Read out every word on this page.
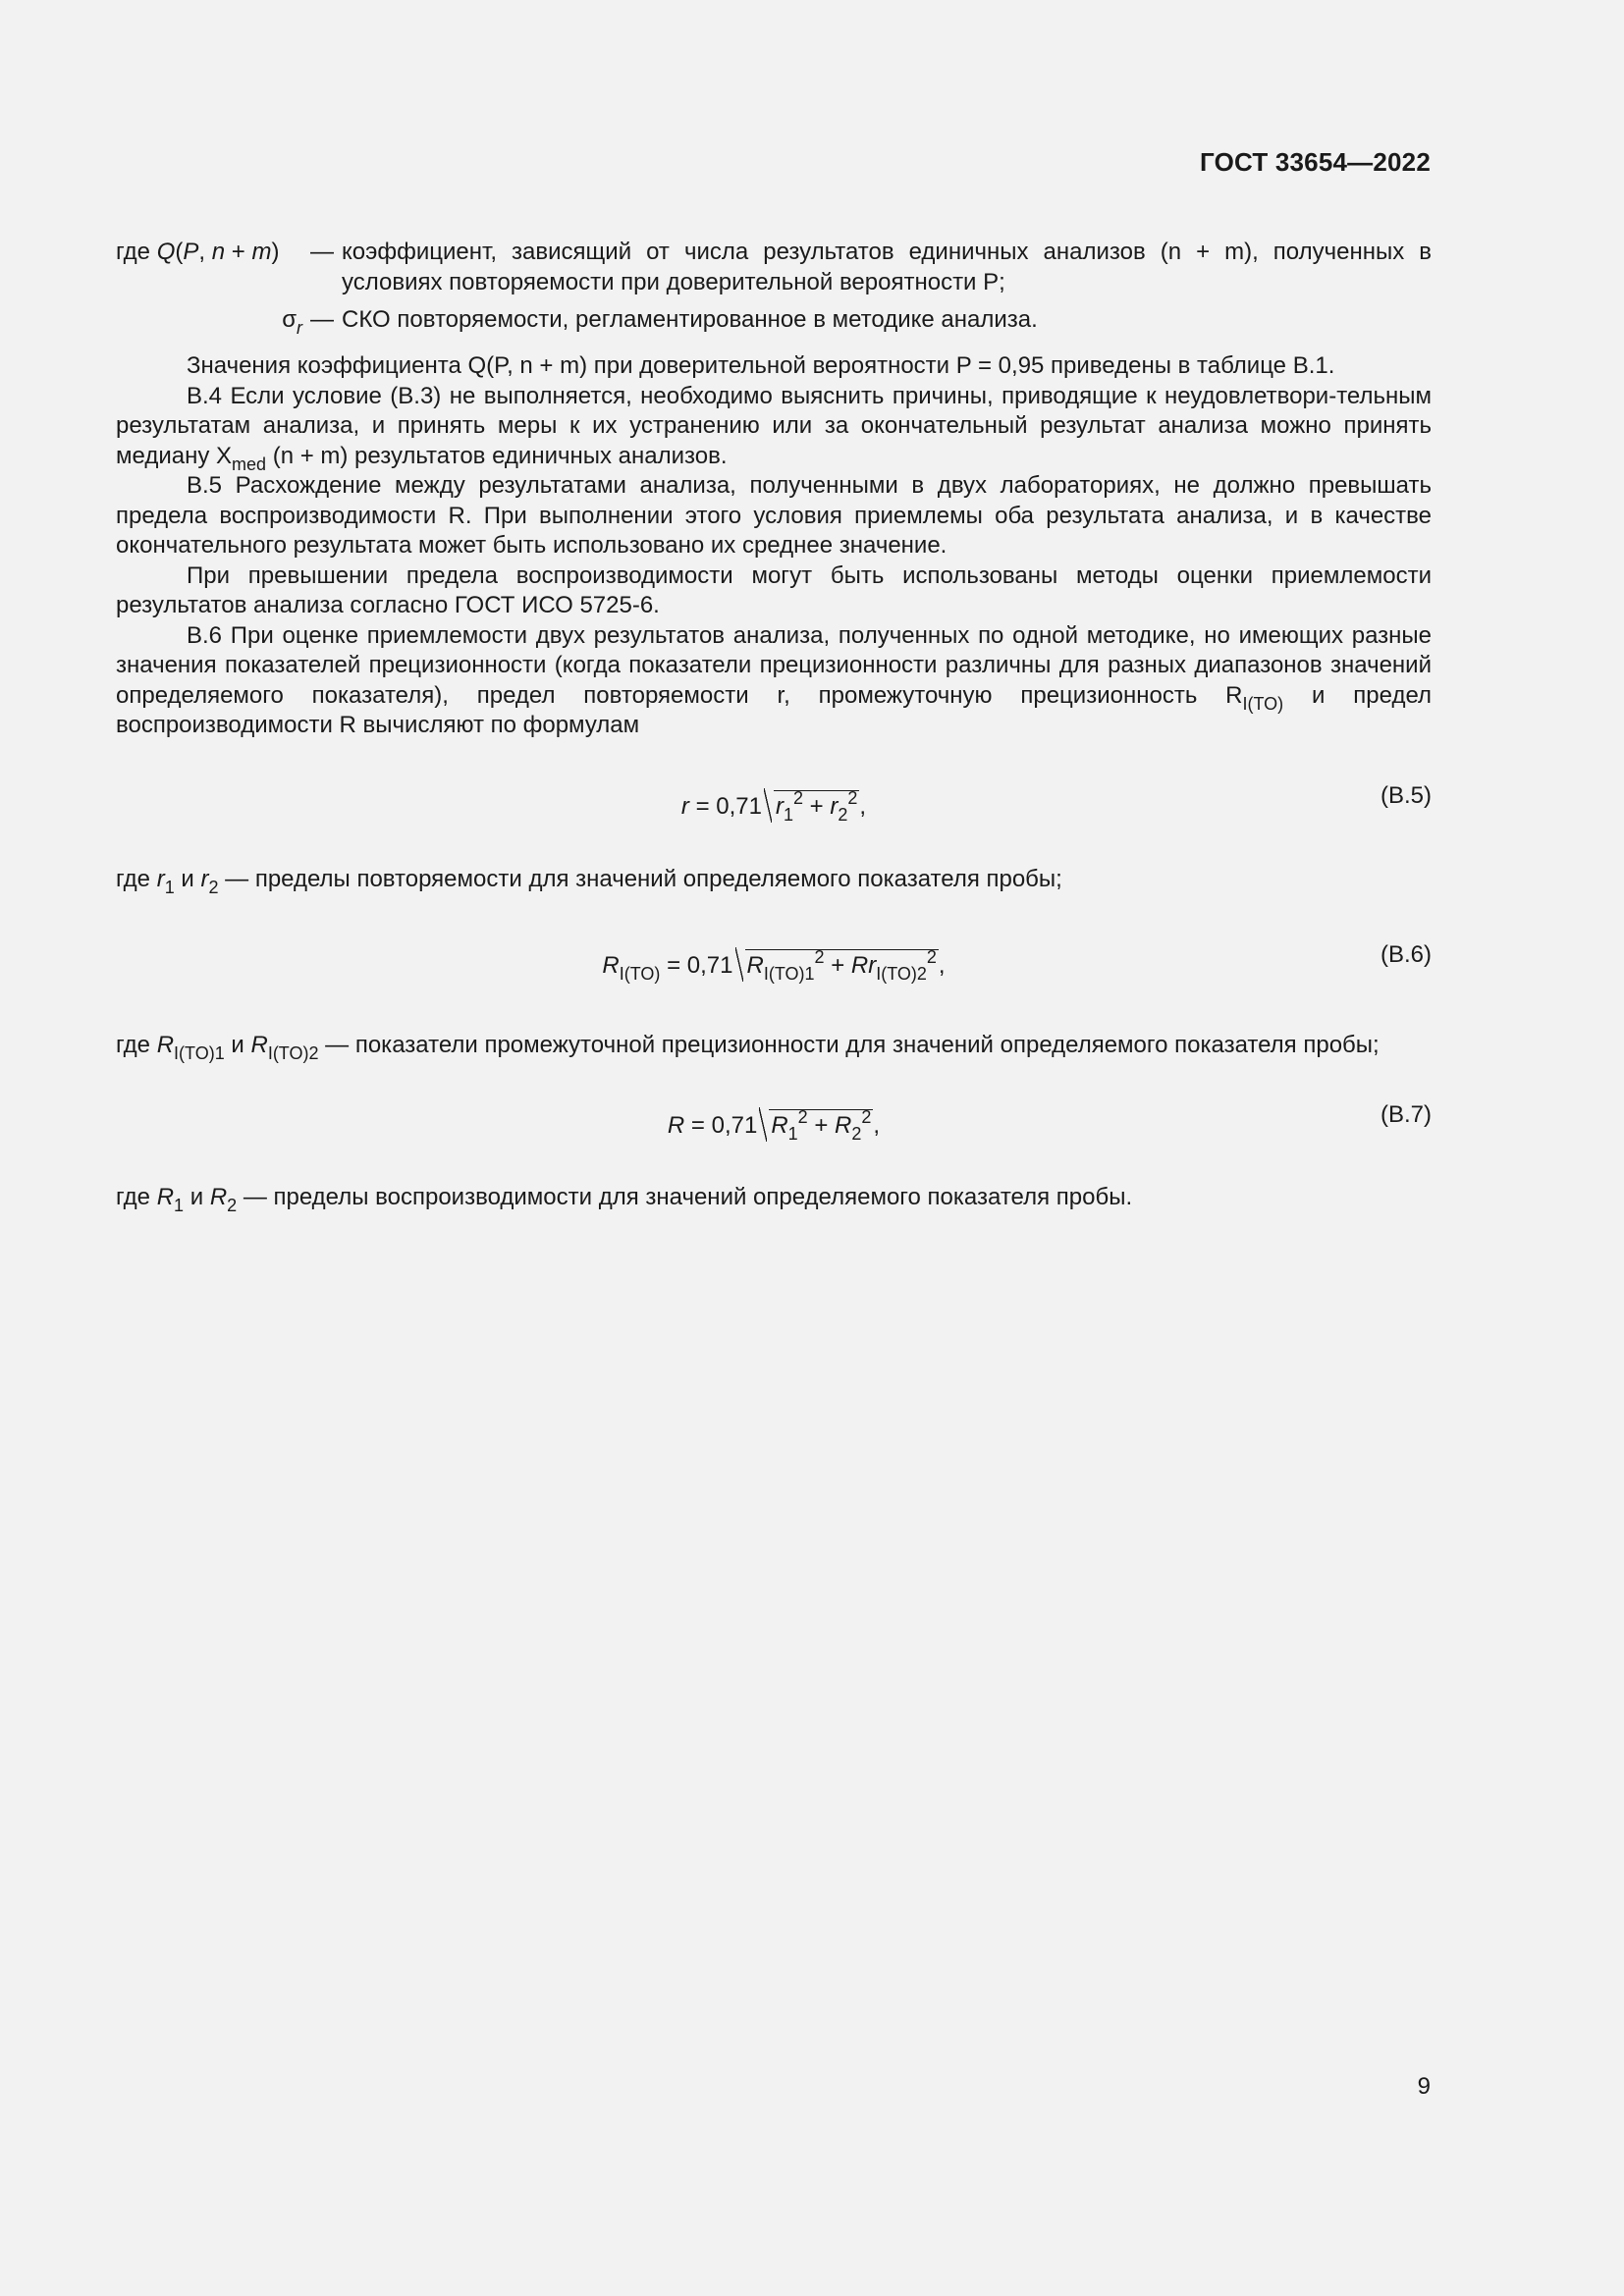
ГОСТ 33654—2022
где Q(P, n + m)	— коэффициент, зависящий от числа результатов единичных анализов (n + m), полученных в условиях повторяемости при доверительной вероятности P;
$\sigma_r$ — СКО повторяемости, регламентированное в методике анализа.

Значения коэффициента Q(P, n + m) при доверительной вероятности P = 0,95 приведены в таблице В.1.

В.4 Если условие (В.3) не выполняется, необходимо выяснить причины, приводящие к неудовлетвори-тельным результатам анализа, и принять меры к их устранению или за окончательный результат анализа можно принять медиану $X_{med}$ (n + m) результатов единичных анализов.

В.5 Расхождение между результатами анализа, полученными в двух лабораториях, не должно превышать предела воспроизводимости R. При выполнении этого условия приемлемы оба результата анализа, и в качестве окончательного результата может быть использовано их среднее значение.

При превышении предела воспроизводимости могут быть использованы методы оценки приемлемости результатов анализа согласно ГОСТ ИСО 5725-6.

В.6 При оценке приемлемости двух результатов анализа, полученных по одной методике, но имеющих разные значения показателей прецизионности (когда показатели прецизионности различны для разных диапазонов значений определяемого показателя), предел повторяемости r, промежуточную прецизионность $R_{I(TO)}$ и предел воспроизводимости R вычисляют по формулам

r = 0,71 $r_1^2 + r_2^2$,	(B.5)
где $r_1$ и $r_2$ — пределы повторяемости для значений определяемого показателя пробы;
$R_{I(TO)} = 0,71$ $R_{I(TO)1}^2 + Rr_{I(TO)2}^2$,	(B.6)
где $R_{I(TO)1}$ и $R_{I(TO)2}$ — показатели промежуточной прецизионности для значений определяемого показателя пробы;
R = 0,71 $R_1^2 + R_2^2$,	(B.7)
где $R_1$ и $R_2$ — пределы воспроизводимости для значений определяемого показателя пробы.
9
